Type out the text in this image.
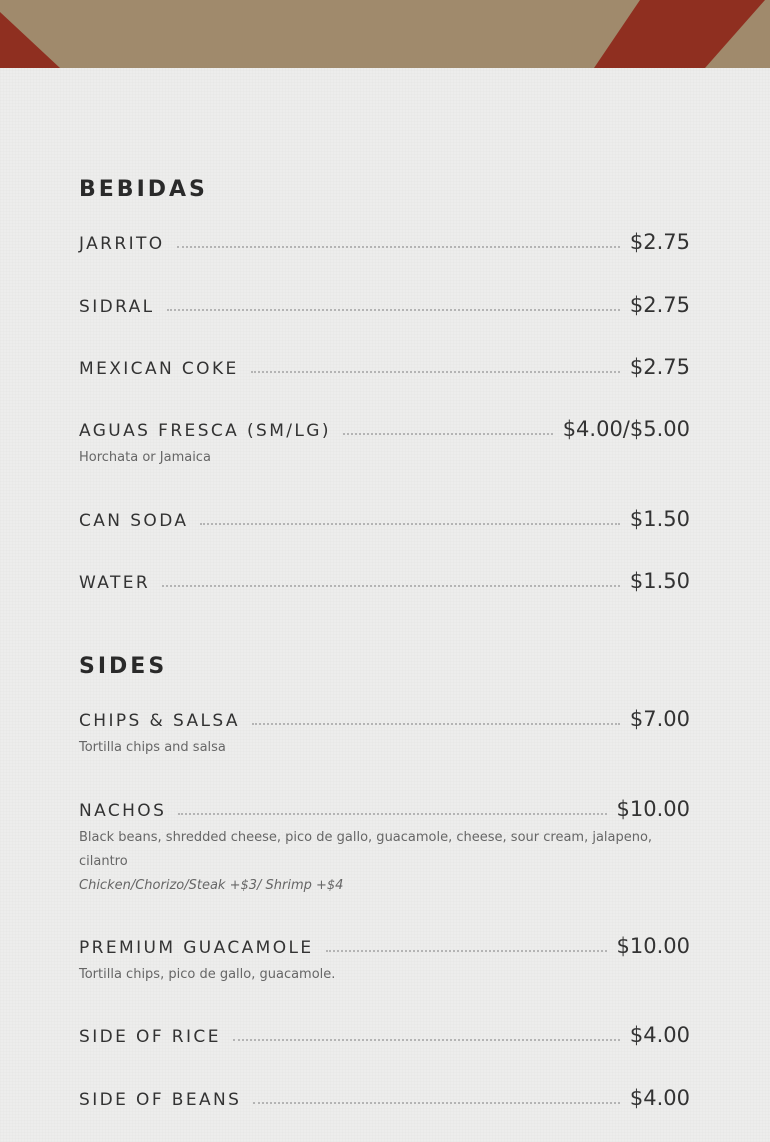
BEBIDAS
JARRITO	$2.75
SIDRAL	$2.75
MEXICAN COKE	$2.75
AGUAS FRESCA (SM/LG)	$4.00/$5.00
Horchata or Jamaica
CAN SODA	$1.50
WATER	$1.50
SIDES
CHIPS & SALSA	$7.00
Tortilla chips and salsa
NACHOS	$10.00
Black beans, shredded cheese, pico de gallo, guacamole, cheese, sour cream, jalapeno, cilantro
Chicken/Chorizo/Steak +$3/ Shrimp +$4
PREMIUM GUACAMOLE	$10.00
Tortilla chips, pico de gallo, guacamole.
SIDE OF RICE	$4.00
SIDE OF BEANS	$4.00
